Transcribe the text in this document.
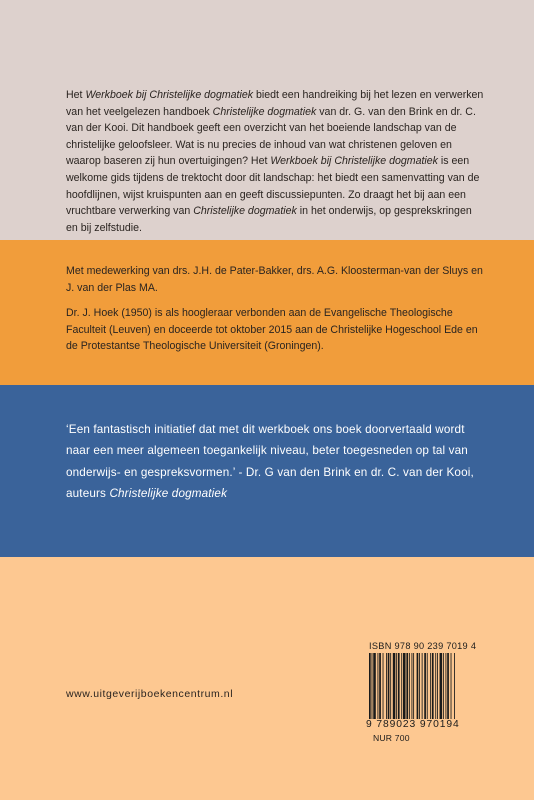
Het Werkboek bij Christelijke dogmatiek biedt een handreiking bij het lezen en verwerken van het veelgelezen handboek Christelijke dogmatiek van dr. G. van den Brink en dr. C. van der Kooi. Dit handboek geeft een overzicht van het boeiende landschap van de christelijke geloofsleer. Wat is nu precies de inhoud van wat christenen geloven en waarop baseren zij hun overtuigingen? Het Werkboek bij Christelijke dogmatiek is een welkome gids tijdens de trektocht door dit landschap: het biedt een samenvatting van de hoofdlijnen, wijst kruispunten aan en geeft discussiepunten. Zo draagt het bij aan een vruchtbare verwerking van Christelijke dogmatiek in het onderwijs, op gesprekskringen en bij zelfstudie.
Met medewerking van drs. J.H. de Pater-Bakker, drs. A.G. Kloosterman-van der Sluys en J. van der Plas MA.
Dr. J. Hoek (1950) is als hoogleraar verbonden aan de Evangelische Theologische Faculteit (Leuven) en doceerde tot oktober 2015 aan de Christelijke Hogeschool Ede en de Protestantse Theologische Universiteit (Groningen).
‘Een fantastisch initiatief dat met dit werkboek ons boek doorvertaald wordt naar een meer algemeen toegankelijk niveau, beter toegesneden op tal van onderwijs- en gespreksvormen.’ - Dr. G van den Brink en dr. C. van der Kooi, auteurs Christelijke dogmatiek
www.uitgeverijboekencentrum.nl
ISBN 978 90 239 7019 4
9 789023 970194
NUR 700
